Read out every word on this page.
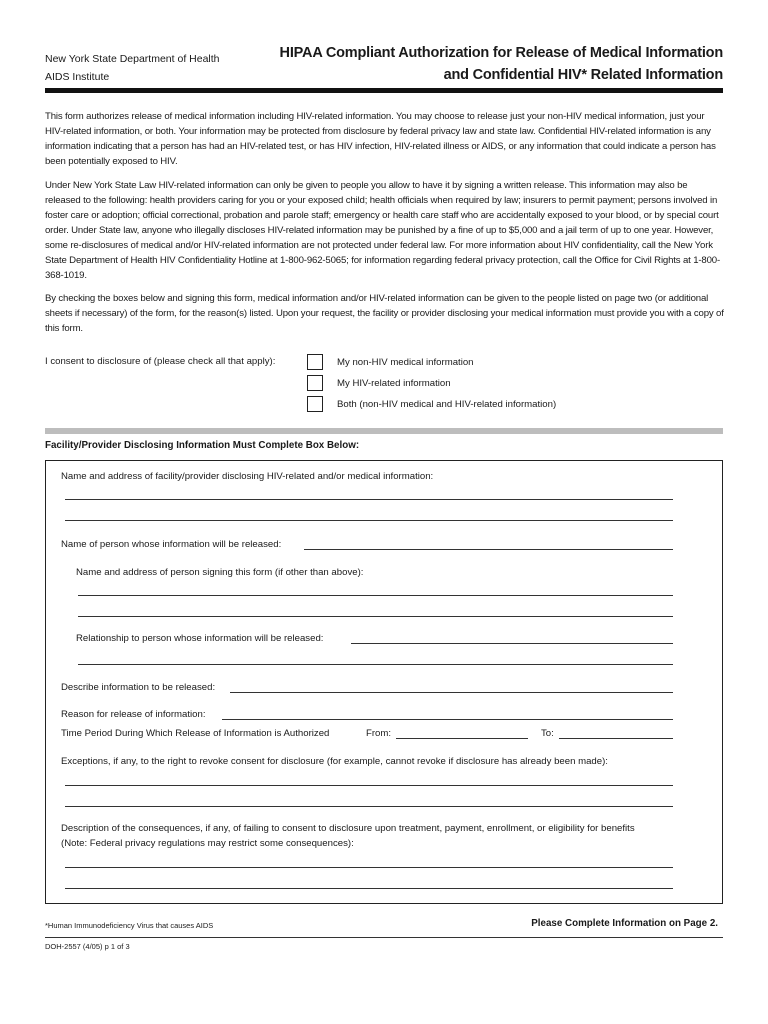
New York State Department of Health
AIDS Institute
HIPAA Compliant Authorization for Release of Medical Information
and Confidential HIV* Related Information

This form authorizes release of medical information including HIV-related information. You may choose to release just your non-HIV medical information, just your HIV-related information, or both. Your information may be protected from disclosure by federal privacy law and state law. Confidential HIV-related information is any information indicating that a person has had an HIV-related test, or has HIV infection, HIV-related illness or AIDS, or any information that could indicate a person has been potentially exposed to HIV.

Under New York State Law HIV-related information can only be given to people you allow to have it by signing a written release. This information may also be released to the following: health providers caring for you or your exposed child; health officials when required by law; insurers to permit payment; persons involved in foster care or adoption; official correctional, probation and parole staff; emergency or health care staff who are accidentally exposed to your blood, or by special court order. Under State law, anyone who illegally discloses HIV-related information may be punished by a fine of up to $5,000 and a jail term of up to one year. However, some re-disclosures of medical and/or HIV-related information are not protected under federal law. For more information about HIV confidentiality, call the New York State Department of Health HIV Confidentiality Hotline at 1-800-962-5065; for information regarding federal privacy protection, call the Office for Civil Rights at 1-800-368-1019.

By checking the boxes below and signing this form, medical information and/or HIV-related information can be given to the people listed on page two (or additional sheets if necessary) of the form, for the reason(s) listed. Upon your request, the facility or provider disclosing your medical information must provide you with a copy of this form.

I consent to disclosure of (please check all that apply):	My non-HIV medical information
My HIV-related information
Both (non-HIV medical and HIV-related information)
Facility/Provider Disclosing Information Must Complete Box Below:
Name and address of facility/provider disclosing HIV-related and/or medical information:
Name of person whose information will be released:
Name and address of person signing this form (if other than above):
Relationship to person whose information will be released:
Describe information to be released:
Reason for release of information:
Time Period During Which Release of Information is Authorized	From:	To:
Exceptions, if any, to the right to revoke consent for disclosure (for example, cannot revoke if disclosure has already been made):
Description of the consequences, if any, of failing to consent to disclosure upon treatment, payment, enrollment, or eligibility for benefits
(Note: Federal privacy regulations may restrict some consequences):
*Human Immunodeficiency Virus that causes AIDS	Please Complete Information on Page 2.
DOH-2557 (4/05) p 1 of 3
